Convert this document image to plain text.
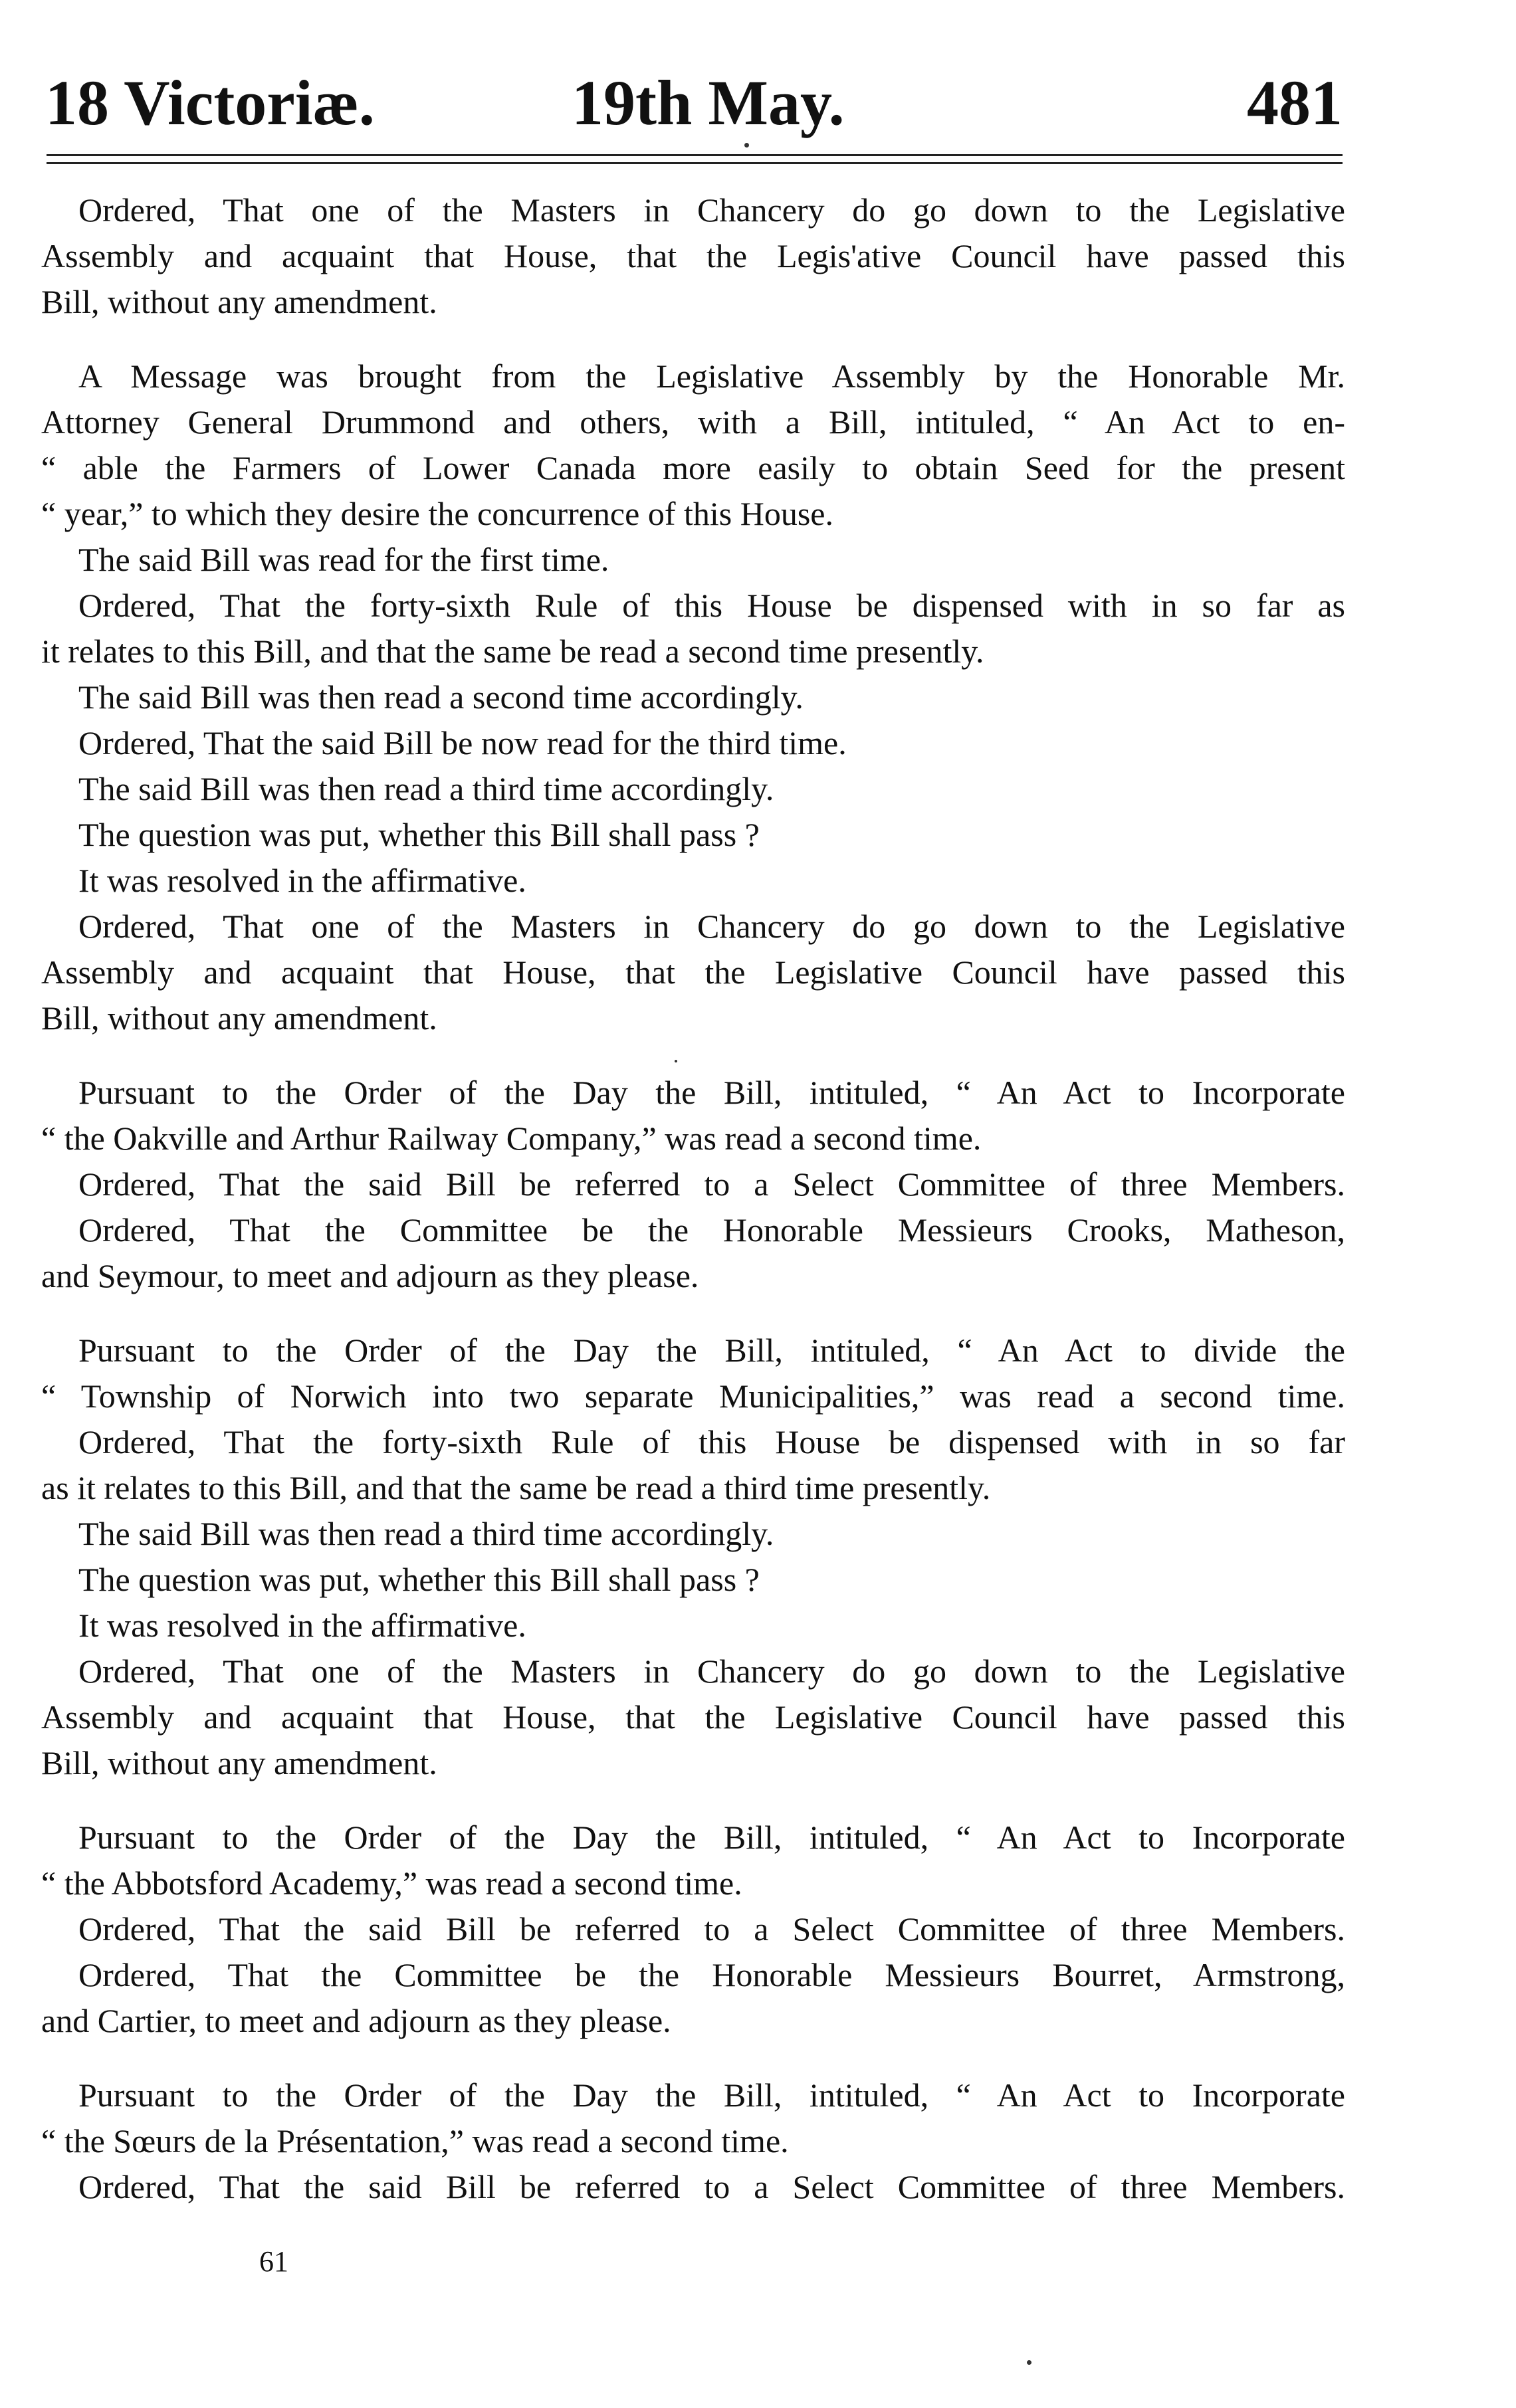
18 Victoriæ.	19th May.	481
Ordered, That one of the Masters in Chancery do go down to the Legislative
Assembly and acquaint that House, that the Legis'ative Council have passed this
Bill, without any amendment.
A Message was brought from the Legislative Assembly by the Honorable Mr.
Attorney General Drummond and others, with a Bill, intituled, “ An Act to en-
“ able the Farmers of Lower Canada more easily to obtain Seed for the present
“ year,” to which they desire the concurrence of this House.
The said Bill was read for the first time.
Ordered, That the forty-sixth Rule of this House be dispensed with in so far as
it relates to this Bill, and that the same be read a second time presently.
The said Bill was then read a second time accordingly.
Ordered, That the said Bill be now read for the third time.
The said Bill was then read a third time accordingly.
The question was put, whether this Bill shall pass ?
It was resolved in the affirmative.
Ordered, That one of the Masters in Chancery do go down to the Legislative
Assembly and acquaint that House, that the Legislative Council have passed this
Bill, without any amendment.
Pursuant to the Order of the Day the Bill, intituled, “ An Act to Incorporate
“ the Oakville and Arthur Railway Company,” was read a second time.
Ordered, That the said Bill be referred to a Select Committee of three Members.
Ordered, That the Committee be the Honorable Messieurs Crooks, Matheson,
and Seymour, to meet and adjourn as they please.
Pursuant to the Order of the Day the Bill, intituled, “ An Act to divide the
“ Township of Norwich into two separate Municipalities,” was read a second time.
Ordered, That the forty-sixth Rule of this House be dispensed with in so far
as it relates to this Bill, and that the same be read a third time presently.
The said Bill was then read a third time accordingly.
The question was put, whether this Bill shall pass ?
It was resolved in the affirmative.
Ordered, That one of the Masters in Chancery do go down to the Legislative
Assembly and acquaint that House, that the Legislative Council have passed this
Bill, without any amendment.
Pursuant to the Order of the Day the Bill, intituled, “ An Act to Incorporate
“ the Abbotsford Academy,” was read a second time.
Ordered, That the said Bill be referred to a Select Committee of three Members.
Ordered, That the Committee be the Honorable Messieurs Bourret, Armstrong,
and Cartier, to meet and adjourn as they please.
Pursuant to the Order of the Day the Bill, intituled, “ An Act to Incorporate
“ the Sœurs de la Présentation,” was read a second time.
Ordered, That the said Bill be referred to a Select Committee of three Members.
61
